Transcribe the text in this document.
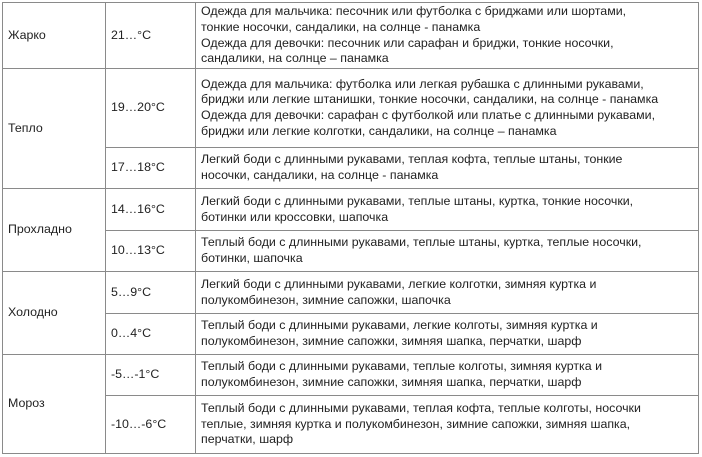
Жарко	21…°C	Одежда для мальчика: песочник или футболка с бриджами или шортами,
тонкие носочки, сандалики, на солнце - панамка
Одежда для девочки: песочник или сарафан и бриджи, тонкие носочки,
сандалики, на солнце – панамка

Тепло	19…20°C	Одежда для мальчика: футболка или легкая рубашка с длинными рукавами,
бриджи или легкие штанишки, тонкие носочки, сандалики, на солнце - панамка
Одежда для девочки: сарафан с футболкой или платье с длинными рукавами,
бриджи или легкие колготки, сандалики, на солнце – панамка

	17…18°C	Легкий боди с длинными рукавами, теплая кофта, теплые штаны, тонкие
носочки, сандалики, на солнце - панамка

Прохладно	14…16°C	Легкий боди с длинными рукавами, теплые штаны, куртка, тонкие носочки,
ботинки или кроссовки, шапочка

	10…13°C	Теплый боди с длинными рукавами, теплые штаны, куртка, теплые носочки,
ботинки, шапочка

Холодно	5…9°C	Легкий боди с длинными рукавами, легкие колготки, зимняя куртка и
полукомбинезон, зимние сапожки, шапочка

	0…4°C	Теплый боди с длинными рукавами, легкие колготы, зимняя куртка и
полукомбинезон, зимние сапожки, зимняя шапка, перчатки, шарф

Мороз	-5…-1°C	Теплый боди с длинными рукавами, теплые колготы, зимняя куртка и
полукомбинезон, зимние сапожки, зимняя шапка, перчатки, шарф

	-10…-6°C	Теплый боди с длинными рукавами, теплая кофта, теплые колготы, носочки
теплые, зимняя куртка и полукомбинезон, зимние сапожки, зимняя шапка,
перчатки, шарф
